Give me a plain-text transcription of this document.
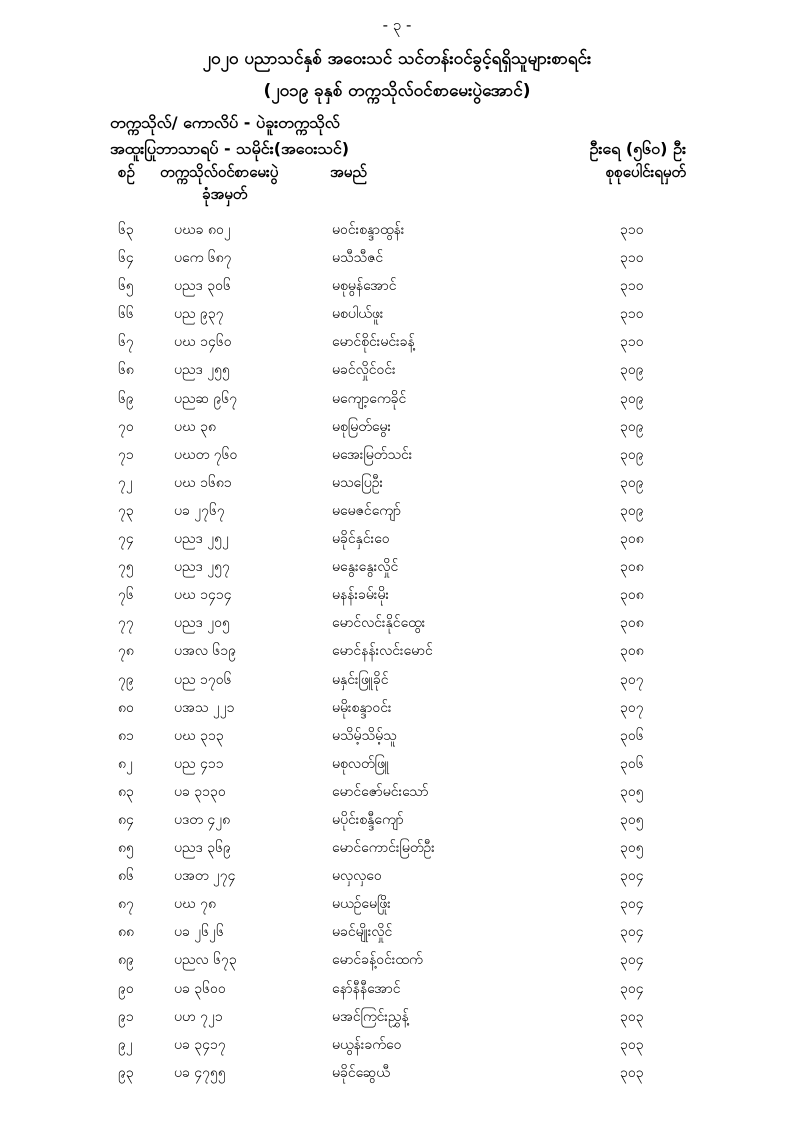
- ၃ -
၂၀၂၀ ပညာသင်နှစ် အဝေးသင် သင်တန်းဝင်ခွင့်ရရှိသူများစာရင်း
(၂၀၁၉ ခုနှစ် တက္ကသိုလ်ဝင်စာမေးပွဲအောင်)
တက္ကသိုလ်/ ကောလိပ် - ပဲခူးတက္ကသိုလ်
အထူးပြုဘာသာရပ် - သမိုင်း(အဝေးသင်)	ဦးရေ (၅၆၀) ဦး
စဉ် တက္ကသိုလ်ဝင်စာမေးပွဲ
ခုံအမှတ်
အမည်	စုစုပေါင်းရမှတ်
၆၃	ပဃခ ၈၀၂	မဝင်းစန္ဒာထွန်း	၃၁၀
၆၄	ပကေ ၆၈၇	မသီသီဇင်	၃၁၀
၆၅	ပညဒ ၃၀၆	မစုမွန်အောင်	၃၁၀
၆၆	ပည ၉၃၇	မစပါယ်ဖူး	၃၁၀
၆၇	ပဃ ၁၄၆၀	မောင်စိုင်းမင်းခန့်	၃၁၀
၆၈	ပညဒ ၂၅၅	မခင်လှိုင်ဝင်း	၃၀၉
၆၉	ပညဆ ၉၆၇	မကျော့ကေခိုင်	၃၀၉
၇၀	ပဃ ၃၈	မစုမြတ်မွေး	၃၀၉
၇၁	ပဃတ ၇၆၀	မအေးမြတ်သင်း	၃၀၉
၇၂	ပဃ ၁၆၈၁	မသပြေဦး	၃၀၉
၇၃	ပခ ၂၇၆၇	မမေဇင်ကျော်	၃၀၉
၇၄	ပညဒ ၂၅၂	မခိုင်နှင်းဝေ	၃၀၈
၇၅	ပညဒ ၂၅၇	မနွေးနွေးလှိုင်	၃၀၈
၇၆	ပဃ ၁၄၁၄	မနန်းခမ်းမိုး	၃၀၈
၇၇	ပညဒ ၂၀၅	မောင်လင်းနိုင်ထွေး	၃၀၈
၇၈	ပအလ ၆၁၉	မောင်နန်းလင်းမောင်	၃၀၈
၇၉	ပည ၁၇၀၆	မနှင်းဖြူခိုင်	၃၀၇
၈၀	ပအသ ၂၂၁	မမိုးစန္ဒာဝင်း	၃၀၇
၈၁	ပဃ ၃၁၃	မသိမ့်သိမ့်သူ	၃၀၆
၈၂	ပည ၄၁၁	မစုလတ်ဖြူ	၃၀၆
၈၃	ပခ ၃၁၃၀	မောင်ဇော်မင်းသော်	၃၀၅
၈၄	ပဒတ ၄၂၈	မပိုင်းစန္ဒီကျော်	၃၀၅
၈၅	ပညဒ ၃၆၉	မောင်ကောင်းမြတ်ဦး	၃၀၅
၈၆	ပအတ ၂၇၄	မလှလှဝေ	၃၀၄
၈၇	ပဃ ၇၈	မယဉ်မေဖြိုး	၃၀၄
၈၈	ပခ ၂၆၂၆	မခင်မျိုးလှိုင်	၃၀၄
၈၉	ပညလ ၆၇၃	မောင်ခန့်ဝင်းထက်	၃၀၄
၉၀	ပခ ၃၆၀၀	နော်နီနီအောင်	၃၀၄
၉၁	ပဟ ၇၂၁	မအင်ကြင်းညွှန့်	၃၀၃
၉၂	ပခ ၃၄၁၇	မယွန်းခက်ဝေ	၃၀၃
၉၃	ပခ ၄၇၅၅	မခိုင်ဆွေယီ	၃၀၃
